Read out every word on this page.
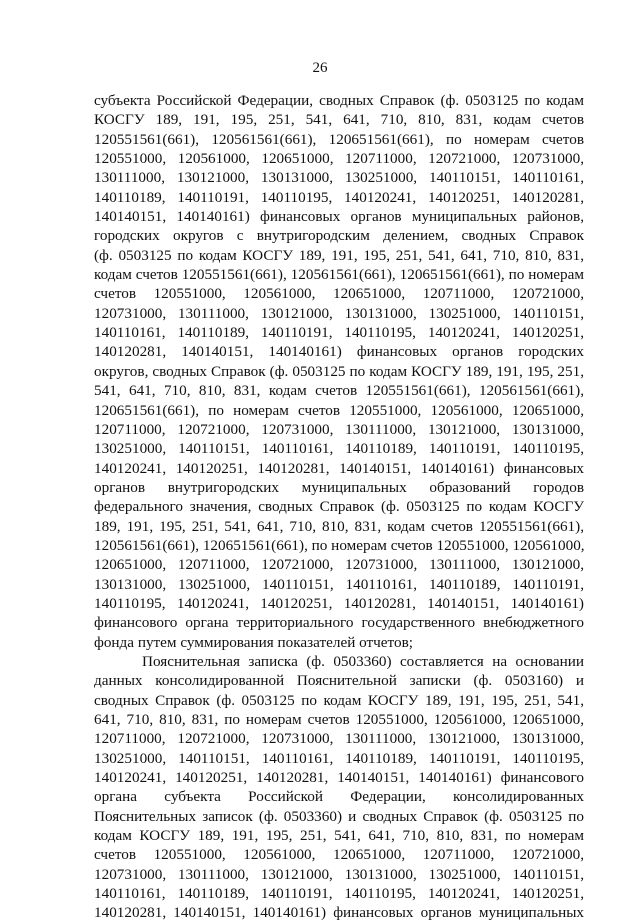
26
субъекта Российской Федерации, сводных Справок (ф. 0503125 по кодам
КОСГУ 189, 191, 195, 251, 541, 641, 710, 810, 831, кодам счетов
120551561(661), 120561561(661), 120651561(661), по номерам счетов
120551000, 120561000, 120651000, 120711000, 120721000, 120731000,
130111000, 130121000, 130131000, 130251000, 140110151, 140110161,
140110189, 140110191, 140110195, 140120241, 140120251, 140120281,
140140151, 140140161) финансовых органов муниципальных районов,
городских округов с внутригородским делением, сводных Справок
(ф. 0503125 по кодам КОСГУ 189, 191, 195, 251, 541, 641, 710, 810, 831,
кодам счетов 120551561(661), 120561561(661), 120651561(661), по номерам
счетов 120551000, 120561000, 120651000, 120711000, 120721000,
120731000, 130111000, 130121000, 130131000, 130251000, 140110151,
140110161, 140110189, 140110191, 140110195, 140120241, 140120251,
140120281, 140140151, 140140161) финансовых органов городских
округов, сводных Справок (ф. 0503125 по кодам КОСГУ 189, 191, 195, 251,
541, 641, 710, 810, 831, кодам счетов 120551561(661), 120561561(661),
120651561(661), по номерам счетов 120551000, 120561000, 120651000,
120711000, 120721000, 120731000, 130111000, 130121000, 130131000,
130251000, 140110151, 140110161, 140110189, 140110191, 140110195,
140120241, 140120251, 140120281, 140140151, 140140161) финансовых
органов внутригородских муниципальных образований городов
федерального значения, сводных Справок (ф. 0503125 по кодам КОСГУ
189, 191, 195, 251, 541, 641, 710, 810, 831, кодам счетов 120551561(661),
120561561(661), 120651561(661), по номерам счетов 120551000, 120561000,
120651000, 120711000, 120721000, 120731000, 130111000, 130121000,
130131000, 130251000, 140110151, 140110161, 140110189, 140110191,
140110195, 140120241, 140120251, 140120281, 140140151, 140140161)
финансового органа территориального государственного внебюджетного
фонда путем суммирования показателей отчетов;
Пояснительная записка (ф. 0503360) составляется на основании
данных консолидированной Пояснительной записки (ф. 0503160) и
сводных Справок (ф. 0503125 по кодам КОСГУ 189, 191, 195, 251, 541,
641, 710, 810, 831, по номерам счетов 120551000, 120561000, 120651000,
120711000, 120721000, 120731000, 130111000, 130121000, 130131000,
130251000, 140110151, 140110161, 140110189, 140110191, 140110195,
140120241, 140120251, 140120281, 140140151, 140140161) финансового
органа субъекта Российской Федерации, консолидированных
Пояснительных записок (ф. 0503360) и сводных Справок (ф. 0503125 по
кодам КОСГУ 189, 191, 195, 251, 541, 641, 710, 810, 831, по номерам
счетов 120551000, 120561000, 120651000, 120711000, 120721000,
120731000, 130111000, 130121000, 130131000, 130251000, 140110151,
140110161, 140110189, 140110191, 140110195, 140120241, 140120251,
140120281, 140140151, 140140161) финансовых органов муниципальных
